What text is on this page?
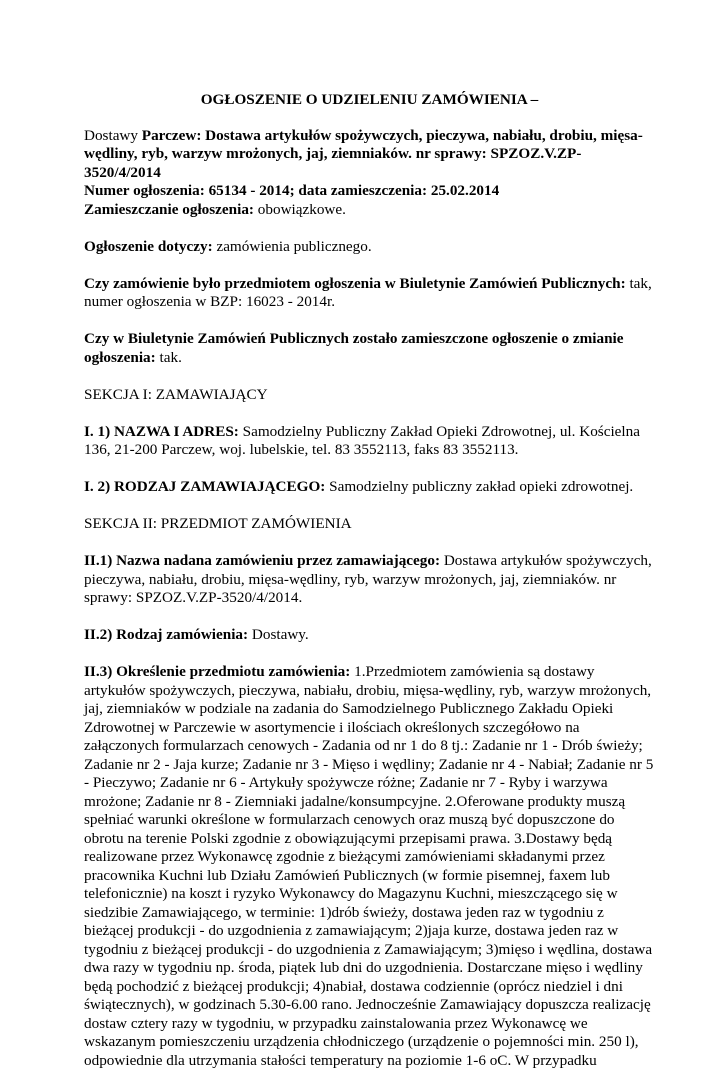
OGŁOSZENIE O UDZIELENIU ZAMÓWIENIA –

Dostawy Parczew: Dostawa artykułów spożywczych, pieczywa, nabiału, drobiu, mięsa-wędliny, ryb, warzyw mrożonych, jaj, ziemniaków. nr sprawy: SPZOZ.V.ZP-3520/4/2014
Numer ogłoszenia: 65134 - 2014; data zamieszczenia: 25.02.2014
Zamieszczanie ogłoszenia: obowiązkowe.

Ogłoszenie dotyczy: zamówienia publicznego.

Czy zamówienie było przedmiotem ogłoszenia w Biuletynie Zamówień Publicznych: tak, numer ogłoszenia w BZP: 16023 - 2014r.

Czy w Biuletynie Zamówień Publicznych zostało zamieszczone ogłoszenie o zmianie ogłoszenia: tak.

SEKCJA I: ZAMAWIAJĄCY

I. 1) NAZWA I ADRES: Samodzielny Publiczny Zakład Opieki Zdrowotnej, ul. Kościelna 136, 21-200 Parczew, woj. lubelskie, tel. 83 3552113, faks 83 3552113.

I. 2) RODZAJ ZAMAWIAJĄCEGO: Samodzielny publiczny zakład opieki zdrowotnej.

SEKCJA II: PRZEDMIOT ZAMÓWIENIA

II.1) Nazwa nadana zamówieniu przez zamawiającego: Dostawa artykułów spożywczych, pieczywa, nabiału, drobiu, mięsa-wędliny, ryb, warzyw mrożonych, jaj, ziemniaków. nr sprawy: SPZOZ.V.ZP-3520/4/2014.

II.2) Rodzaj zamówienia: Dostawy.

II.3) Określenie przedmiotu zamówienia: 1.Przedmiotem zamówienia są dostawy artykułów spożywczych, pieczywa, nabiału, drobiu, mięsa-wędliny, ryb, warzyw mrożonych, jaj, ziemniaków w podziale na zadania do Samodzielnego Publicznego Zakładu Opieki Zdrowotnej w Parczewie w asortymencie i ilościach określonych szczegółowo na załączonych formularzach cenowych - Zadania od nr 1 do 8 tj.: Zadanie nr 1 - Drób świeży; Zadanie nr 2 - Jaja kurze; Zadanie nr 3 - Mięso i wędliny; Zadanie nr 4 - Nabiał; Zadanie nr 5 - Pieczywo; Zadanie nr 6 - Artykuły spożywcze różne; Zadanie nr 7 - Ryby i warzywa mrożone; Zadanie nr 8 - Ziemniaki jadalne/konsumpcyjne. 2.Oferowane produkty muszą spełniać warunki określone w formularzach cenowych oraz muszą być dopuszczone do obrotu na terenie Polski zgodnie z obowiązującymi przepisami prawa. 3.Dostawy będą realizowane przez Wykonawcę zgodnie z bieżącymi zamówieniami składanymi przez pracownika Kuchni lub Działu Zamówień Publicznych (w formie pisemnej, faxem lub telefonicznie) na koszt i ryzyko Wykonawcy do Magazynu Kuchni, mieszczącego się w siedzibie Zamawiającego, w terminie: 1)drób świeży, dostawa jeden raz w tygodniu z bieżącej produkcji - do uzgodnienia z zamawiającym; 2)jaja kurze, dostawa jeden raz w tygodniu z bieżącej produkcji - do uzgodnienia z Zamawiającym; 3)mięso i wędlina, dostawa dwa razy w tygodniu np. środa, piątek lub dni do uzgodnienia. Dostarczane mięso i wędliny będą pochodzić z bieżącej produkcji; 4)nabiał, dostawa codziennie (oprócz niedziel i dni świątecznych), w godzinach 5.30-6.00 rano. Jednocześnie Zamawiający dopuszcza realizację dostaw cztery razy w tygodniu, w przypadku zainstalowania przez Wykonawcę we wskazanym pomieszczeniu urządzenia chłodniczego (urządzenie o pojemności min. 250 l), odpowiednie dla utrzymania stałości temperatury na poziomie 1-6 oC. W przypadku
